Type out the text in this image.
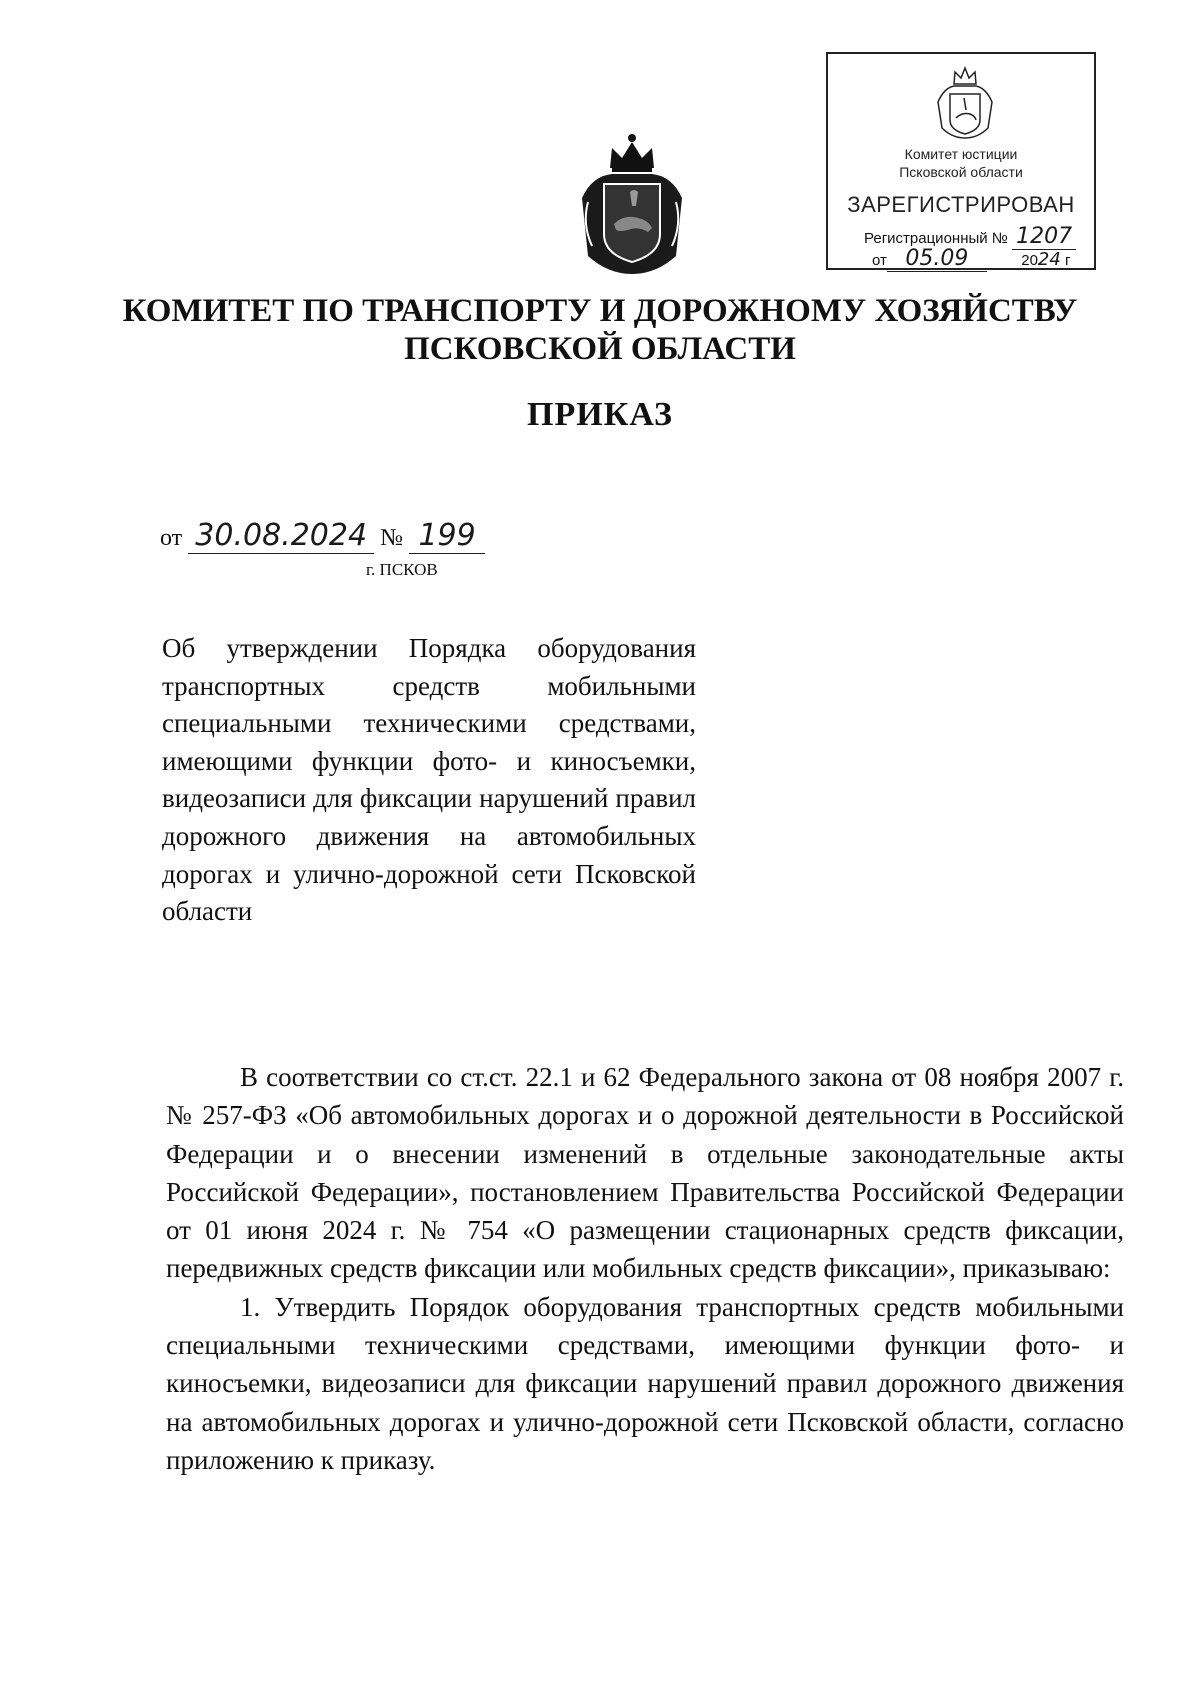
Комитет юстиции
Псковской области
ЗАРЕГИСТРИРОВАН
Регистрационный № 1207
от 05.09	2024 г
КОМИТЕТ ПО ТРАНСПОРТУ И ДОРОЖНОМУ ХОЗЯЙСТВУ
ПСКОВСКОЙ ОБЛАСТИ
ПРИКАЗ
от 30.08.2024 № 199
г. ПСКОВ
Об утверждении Порядка оборудования транспортных средств мобильными специальными техническими средствами, имеющими функции фото- и киносъемки, видеозаписи для фиксации нарушений правил дорожного движения на автомобильных дорогах и улично-дорожной сети Псковской области

В соответствии со ст.ст. 22.1 и 62 Федерального закона от 08 ноября 2007 г. № 257-ФЗ «Об автомобильных дорогах и о дорожной деятельности в Российской Федерации и о внесении изменений в отдельные законодательные акты Российской Федерации», постановлением Правительства Российской Федерации от 01 июня 2024 г. № 754 «О размещении стационарных средств фиксации, передвижных средств фиксации или мобильных средств фиксации», приказываю:

1. Утвердить Порядок оборудования транспортных средств мобильными специальными техническими средствами, имеющими функции фото- и киносъемки, видеозаписи для фиксации нарушений правил дорожного движения на автомобильных дорогах и улично-дорожной сети Псковской области, согласно приложению к приказу.
